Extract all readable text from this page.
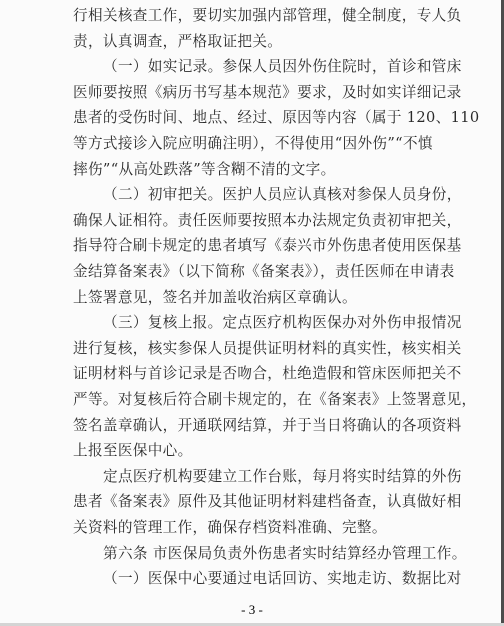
行相关核查工作，要切实加强内部管理，健全制度，专人负
责，认真调查，严格取证把关。
（一）如实记录。参保人员因外伤住院时，首诊和管床
医师要按照《病历书写基本规范》要求，及时如实详细记录
患者的受伤时间、地点、经过、原因等内容（属于 120、110
等方式接诊入院应明确注明），不得使用“因外伤”“不慎
摔伤”“从高处跌落”等含糊不清的文字。
（二）初审把关。医护人员应认真核对参保人员身份，
确保人证相符。责任医师要按照本办法规定负责初审把关，
指导符合刷卡规定的患者填写《泰兴市外伤患者使用医保基
金结算备案表》（以下简称《备案表》），责任医师在申请表
上签署意见，签名并加盖收治病区章确认。
（三）复核上报。定点医疗机构医保办对外伤申报情况
进行复核，核实参保人员提供证明材料的真实性，核实相关
证明材料与首诊记录是否吻合，杜绝造假和管床医师把关不
严等。对复核后符合刷卡规定的，在《备案表》上签署意见，
签名盖章确认，开通联网结算，并于当日将确认的各项资料
上报至医保中心。
定点医疗机构要建立工作台账，每月将实时结算的外伤
患者《备案表》原件及其他证明材料建档备查，认真做好相
关资料的管理工作，确保存档资料准确、完整。
第六条 市医保局负责外伤患者实时结算经办管理工作。
（一）医保中心要通过电话回访、实地走访、数据比对
- 3 -
